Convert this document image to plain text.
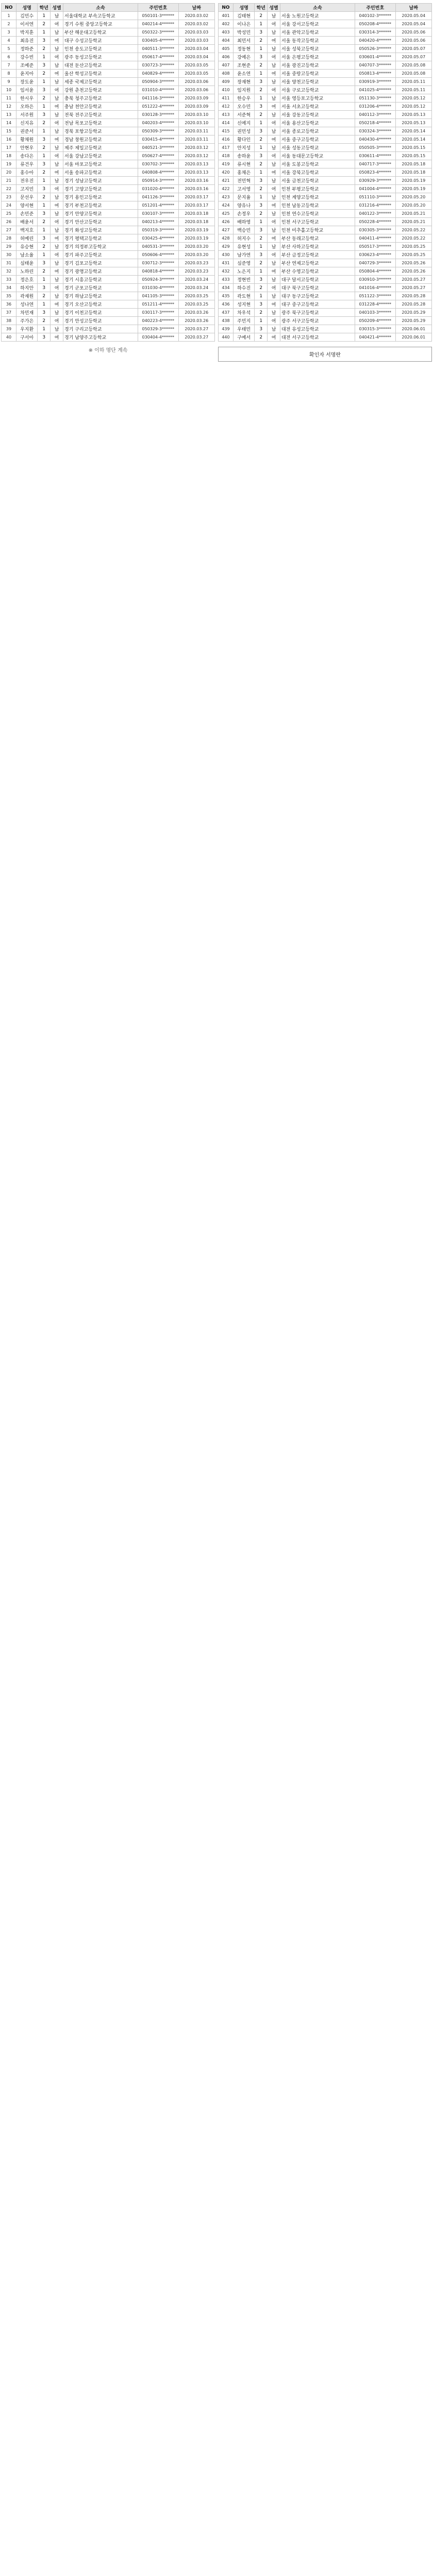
NO	성명	학년	성별	소속	주민번호	날짜
1	김민수	1	남	서울대학교 부속고등학교	050101-3******	2020.03.02
2	이서연	2	여	경기 수원 중앙고등학교	040214-4******	2020.03.02
3	박지훈	1	남	부산 해운대고등학교	050322-3******	2020.03.03
4	최유진	3	여	대구 수성고등학교	030405-4******	2020.03.03
5	정하준	2	남	인천 송도고등학교	040511-3******	2020.03.04
6	강수빈	1	여	광주 동성고등학교	050617-4******	2020.03.04
7	조예준	3	남	대전 둔산고등학교	030723-3******	2020.03.05
8	윤지아	2	여	울산 학성고등학교	040829-4******	2020.03.05
9	장도윤	1	남	세종 국제고등학교	050904-3******	2020.03.06
10	임서윤	3	여	강원 춘천고등학교	031010-4******	2020.03.06
11	한시우	2	남	충북 청주고등학교	041116-3******	2020.03.09
12	오하은	1	여	충남 천안고등학교	051222-4******	2020.03.09
13	서주원	3	남	전북 전주고등학교	030128-3******	2020.03.10
14	신지유	2	여	전남 목포고등학교	040203-4******	2020.03.10
15	권준서	1	남	경북 포항고등학교	050309-3******	2020.03.11
16	황채원	3	여	경남 창원고등학교	030415-4******	2020.03.11
17	안현우	2	남	제주 제일고등학교	040521-3******	2020.03.12
18	송다은	1	여	서울 강남고등학교	050627-4******	2020.03.12
19	류건우	3	남	서울 마포고등학교	030702-3******	2020.03.13
20	홍수아	2	여	서울 송파고등학교	040808-4******	2020.03.13
21	전우진	1	남	경기 성남고등학교	050914-3******	2020.03.16
22	고지민	3	여	경기 고양고등학교	031020-4******	2020.03.16
23	문선우	2	남	경기 용인고등학교	041126-3******	2020.03.17
24	양서현	1	여	경기 부천고등학교	051201-4******	2020.03.17
25	손민준	3	남	경기 안양고등학교	030107-3******	2020.03.18
26	배윤서	2	여	경기 안산고등학교	040213-4******	2020.03.18
27	백지호	1	남	경기 화성고등학교	050319-3******	2020.03.19
28	허예린	3	여	경기 평택고등학교	030425-4******	2020.03.19
29	유승현	2	남	경기 의정부고등학교	040531-3******	2020.03.20
30	남소율	1	여	경기 파주고등학교	050606-4******	2020.03.20
31	심태윤	3	남	경기 김포고등학교	030712-3******	2020.03.23
32	노하린	2	여	경기 광명고등학교	040818-4******	2020.03.23
33	정은호	1	남	경기 시흥고등학교	050924-3******	2020.03.24
34	하지안	3	여	경기 군포고등학교	031030-4******	2020.03.24
35	곽재원	2	남	경기 하남고등학교	041105-3******	2020.03.25
36	성나연	1	여	경기 오산고등학교	051211-4******	2020.03.25
37	차민재	3	남	경기 이천고등학교	030117-3******	2020.03.26
38	주가은	2	여	경기 안성고등학교	040223-4******	2020.03.26
39	우지환	1	남	경기 구리고등학교	050329-3******	2020.03.27
40	구서아	3	여	경기 남양주고등학교	030404-4******	2020.03.27
※ 이하 명단 계속
NO	성명	학년	성별	소속	주민번호	날짜
401	김태현	2	남	서울 노원고등학교	040102-3******	2020.05.04
402	이나은	1	여	서울 강서고등학교	050208-4******	2020.05.04
403	박성민	3	남	서울 관악고등학교	030314-3******	2020.05.06
404	최민서	2	여	서울 동작고등학교	040420-4******	2020.05.06
405	정동현	1	남	서울 성북고등학교	050526-3******	2020.05.07
406	강예은	3	여	서울 은평고등학교	030601-4******	2020.05.07
407	조현준	2	남	서울 광진고등학교	040707-3******	2020.05.08
408	윤소연	1	여	서울 중랑고등학교	050813-4******	2020.05.08
409	장재현	3	남	서울 양천고등학교	030919-3******	2020.05.11
410	임지원	2	여	서울 구로고등학교	041025-4******	2020.05.11
411	한승우	1	남	서울 영등포고등학교	051130-3******	2020.05.12
412	오수민	3	여	서울 서초고등학교	031206-4******	2020.05.12
413	서준혁	2	남	서울 강동고등학교	040112-3******	2020.05.13
414	신예지	1	여	서울 용산고등학교	050218-4******	2020.05.13
415	권민성	3	남	서울 종로고등학교	030324-3******	2020.05.14
416	황다인	2	여	서울 중구고등학교	040430-4******	2020.05.14
417	안지성	1	남	서울 성동고등학교	050505-3******	2020.05.15
418	송하윤	3	여	서울 동대문고등학교	030611-4******	2020.05.15
419	류시현	2	남	서울 도봉고등학교	040717-3******	2020.05.18
420	홍채은	1	여	서울 강북고등학교	050823-4******	2020.05.18
421	전민혁	3	남	서울 금천고등학교	030929-3******	2020.05.19
422	고서영	2	여	인천 부평고등학교	041004-4******	2020.05.19
423	문지율	1	남	인천 계양고등학교	051110-3******	2020.05.20
424	양유나	3	여	인천 남동고등학교	031216-4******	2020.05.20
425	손정우	2	남	인천 연수고등학교	040122-3******	2020.05.21
426	배하영	1	여	인천 서구고등학교	050228-4******	2020.05.21
427	백승민	3	남	인천 미추홀고등학교	030305-3******	2020.05.22
428	허지수	2	여	부산 동래고등학교	040411-4******	2020.05.22
429	유현성	1	남	부산 사하고등학교	050517-3******	2020.05.25
430	남가연	3	여	부산 금정고등학교	030623-4******	2020.05.25
431	심준영	2	남	부산 연제고등학교	040729-3******	2020.05.26
432	노은지	1	여	부산 수영고등학교	050804-4******	2020.05.26
433	정현빈	3	남	대구 달서고등학교	030910-3******	2020.05.27
434	하수진	2	여	대구 북구고등학교	041016-4******	2020.05.27
435	곽도현	1	남	대구 동구고등학교	051122-3******	2020.05.28
436	성지현	3	여	대구 중구고등학교	031228-4******	2020.05.28
437	차우석	2	남	광주 북구고등학교	040103-3******	2020.05.29
438	주민지	1	여	광주 서구고등학교	050209-4******	2020.05.29
439	우태민	3	남	대전 유성고등학교	030315-3******	2020.06.01
440	구예서	2	여	대전 서구고등학교	040421-4******	2020.06.01
확인자 서명란
